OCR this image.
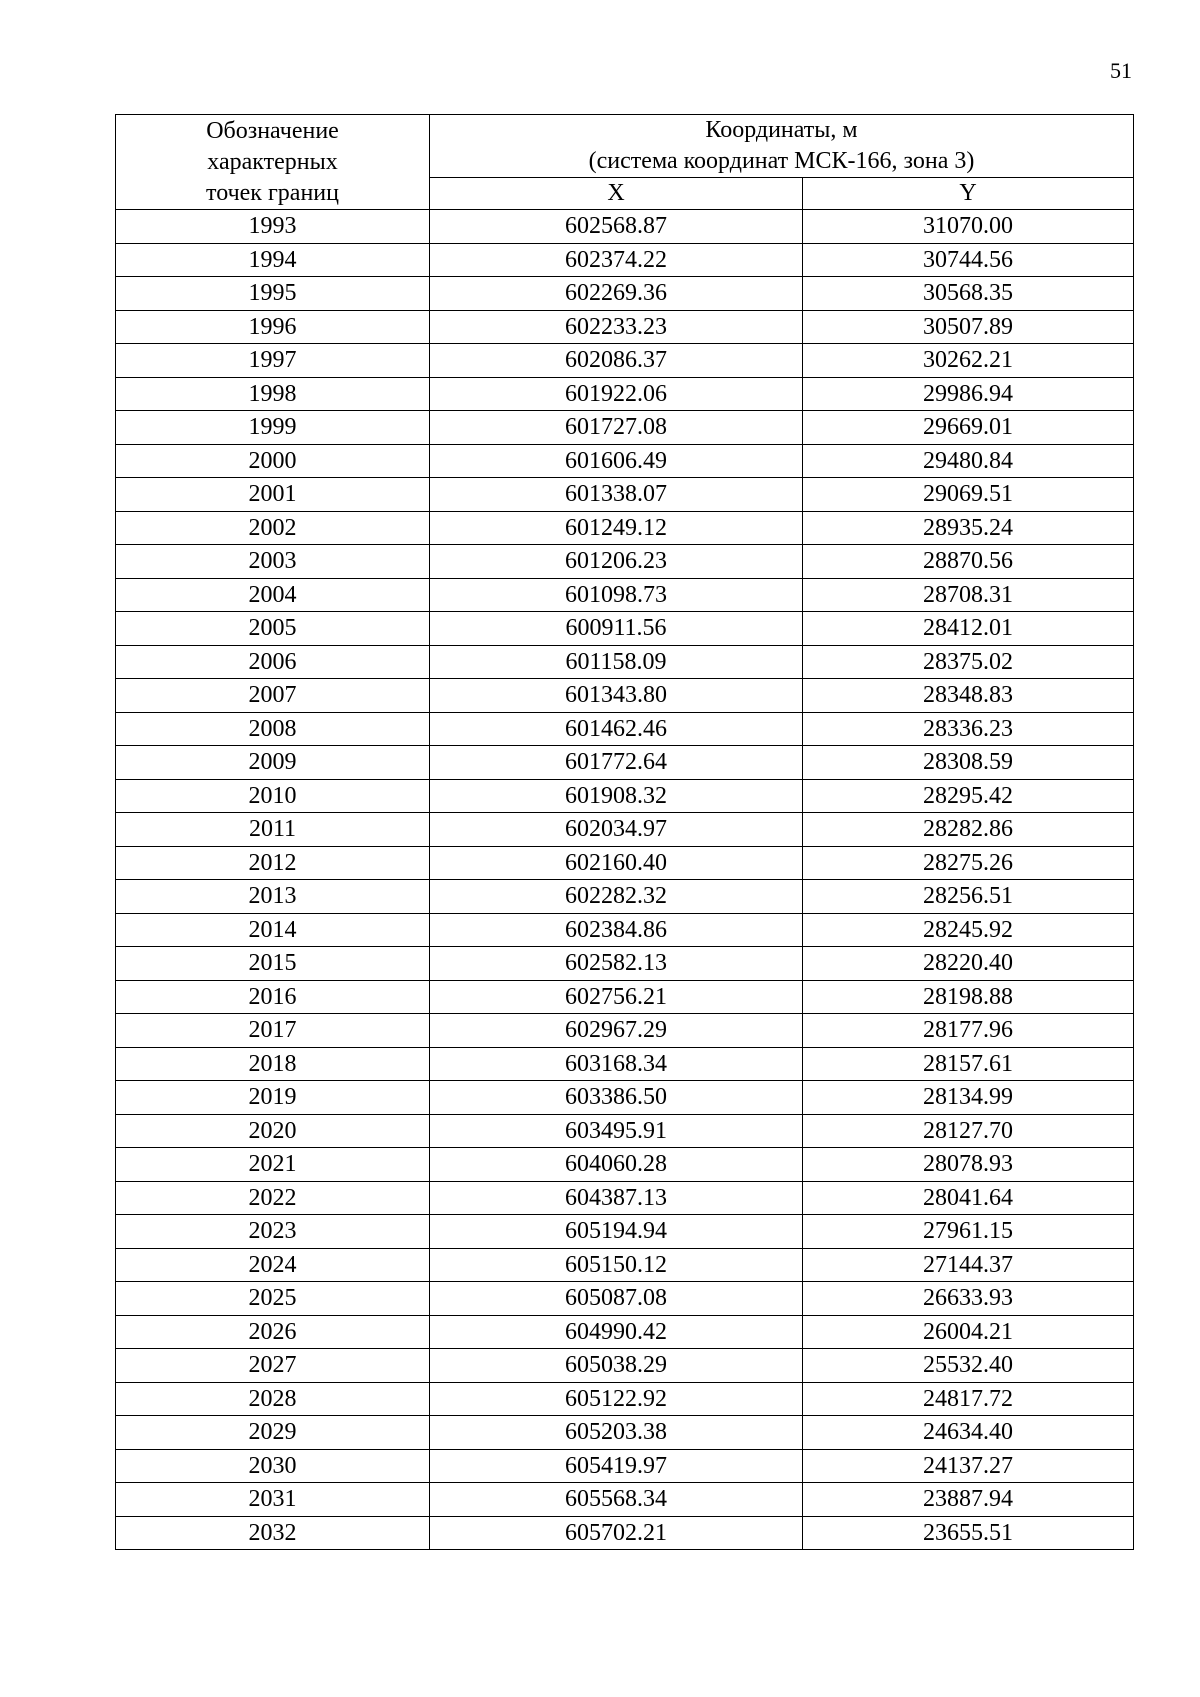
51
Обозначение
характерных
точек границ	Координаты, м
(система координат МСК-166, зона 3)	

	X	Y
1993	602568.87	31070.00
1994	602374.22	30744.56
1995	602269.36	30568.35
1996	602233.23	30507.89
1997	602086.37	30262.21
1998	601922.06	29986.94
1999	601727.08	29669.01
2000	601606.49	29480.84
2001	601338.07	29069.51
2002	601249.12	28935.24
2003	601206.23	28870.56
2004	601098.73	28708.31
2005	600911.56	28412.01
2006	601158.09	28375.02
2007	601343.80	28348.83
2008	601462.46	28336.23
2009	601772.64	28308.59
2010	601908.32	28295.42
2011	602034.97	28282.86
2012	602160.40	28275.26
2013	602282.32	28256.51
2014	602384.86	28245.92
2015	602582.13	28220.40
2016	602756.21	28198.88
2017	602967.29	28177.96
2018	603168.34	28157.61
2019	603386.50	28134.99
2020	603495.91	28127.70
2021	604060.28	28078.93
2022	604387.13	28041.64
2023	605194.94	27961.15
2024	605150.12	27144.37
2025	605087.08	26633.93
2026	604990.42	26004.21
2027	605038.29	25532.40
2028	605122.92	24817.72
2029	605203.38	24634.40
2030	605419.97	24137.27
2031	605568.34	23887.94
2032	605702.21	23655.51
